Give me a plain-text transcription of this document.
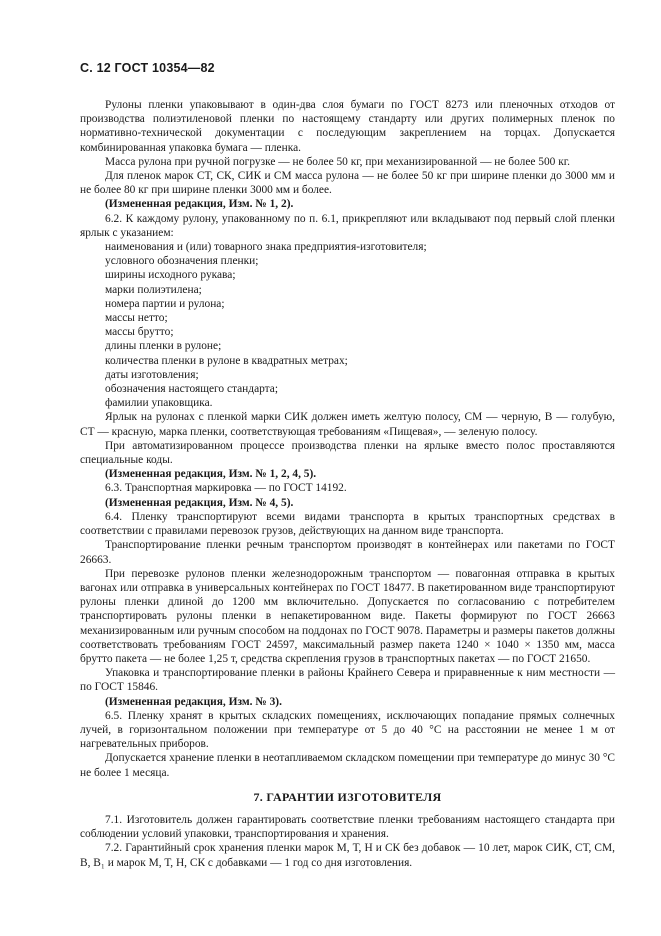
С. 12 ГОСТ 10354—82

Рулоны пленки упаковывают в один-два слоя бумаги по ГОСТ 8273 или пленочных отходов от производства полиэтиленовой пленки по настоящему стандарту или других полимерных пленок по нормативно-технической документации с последующим закреплением на торцах. Допускается комбинированная упаковка бумага — пленка.

Масса рулона при ручной погрузке — не более 50 кг, при механизированной — не более 500 кг.

Для пленок марок СТ, СК, СИК и СМ масса рулона — не более 50 кг при ширине пленки до 3000 мм и не более 80 кг при ширине пленки 3000 мм и более.

(Измененная редакция, Изм. № 1, 2).

6.2. К каждому рулону, упакованному по п. 6.1, прикрепляют или вкладывают под первый слой пленки ярлык с указанием:

наименования и (или) товарного знака предприятия-изготовителя;

условного обозначения пленки;

ширины исходного рукава;

марки полиэтилена;

номера партии и рулона;

массы нетто;

массы брутто;

длины пленки в рулоне;

количества пленки в рулоне в квадратных метрах;

даты изготовления;

обозначения настоящего стандарта;

фамилии упаковщика.

Ярлык на рулонах с пленкой марки СИК должен иметь желтую полосу, СМ — черную, В — голубую, СТ — красную, марка пленки, соответствующая требованиям «Пищевая», — зеленую полосу.

При автоматизированном процессе производства пленки на ярлыке вместо полос проставляются специальные коды.

(Измененная редакция, Изм. № 1, 2, 4, 5).

6.3. Транспортная маркировка — по ГОСТ 14192.

(Измененная редакция, Изм. № 4, 5).

6.4. Пленку транспортируют всеми видами транспорта в крытых транспортных средствах в соответствии с правилами перевозок грузов, действующих на данном виде транспорта.

Транспортирование пленки речным транспортом производят в контейнерах или пакетами по ГОСТ 26663.

При перевозке рулонов пленки железнодорожным транспортом — повагонная отправка в крытых вагонах или отправка в универсальных контейнерах по ГОСТ 18477. В пакетированном виде транспортируют рулоны пленки длиной до 1200 мм включительно. Допускается по согласованию с потребителем транспортировать рулоны пленки в непакетированном виде. Пакеты формируют по ГОСТ 26663 механизированным или ручным способом на поддонах по ГОСТ 9078. Параметры и размеры пакетов должны соответствовать требованиям ГОСТ 24597, максимальный размер пакета 1240 × 1040 × 1350 мм, масса брутто пакета — не более 1,25 т, средства скрепления грузов в транспортных пакетах — по ГОСТ 21650.

Упаковка и транспортирование пленки в районы Крайнего Севера и приравненные к ним местности — по ГОСТ 15846.

(Измененная редакция, Изм. № 3).

6.5. Пленку хранят в крытых складских помещениях, исключающих попадание прямых солнечных лучей, в горизонтальном положении при температуре от 5 до 40 °С на расстоянии не менее 1 м от нагревательных приборов.

Допускается хранение пленки в неотапливаемом складском помещении при температуре до минус 30 °С не более 1 месяца.

7. ГАРАНТИИ ИЗГОТОВИТЕЛЯ

7.1. Изготовитель должен гарантировать соответствие пленки требованиям настоящего стандарта при соблюдении условий упаковки, транспортирования и хранения.

7.2. Гарантийный срок хранения пленки марок М, Т, Н и СК без добавок — 10 лет, марок СИК, СТ, СМ, В, В₁ и марок М, Т, Н, СК с добавками — 1 год со дня изготовления.
